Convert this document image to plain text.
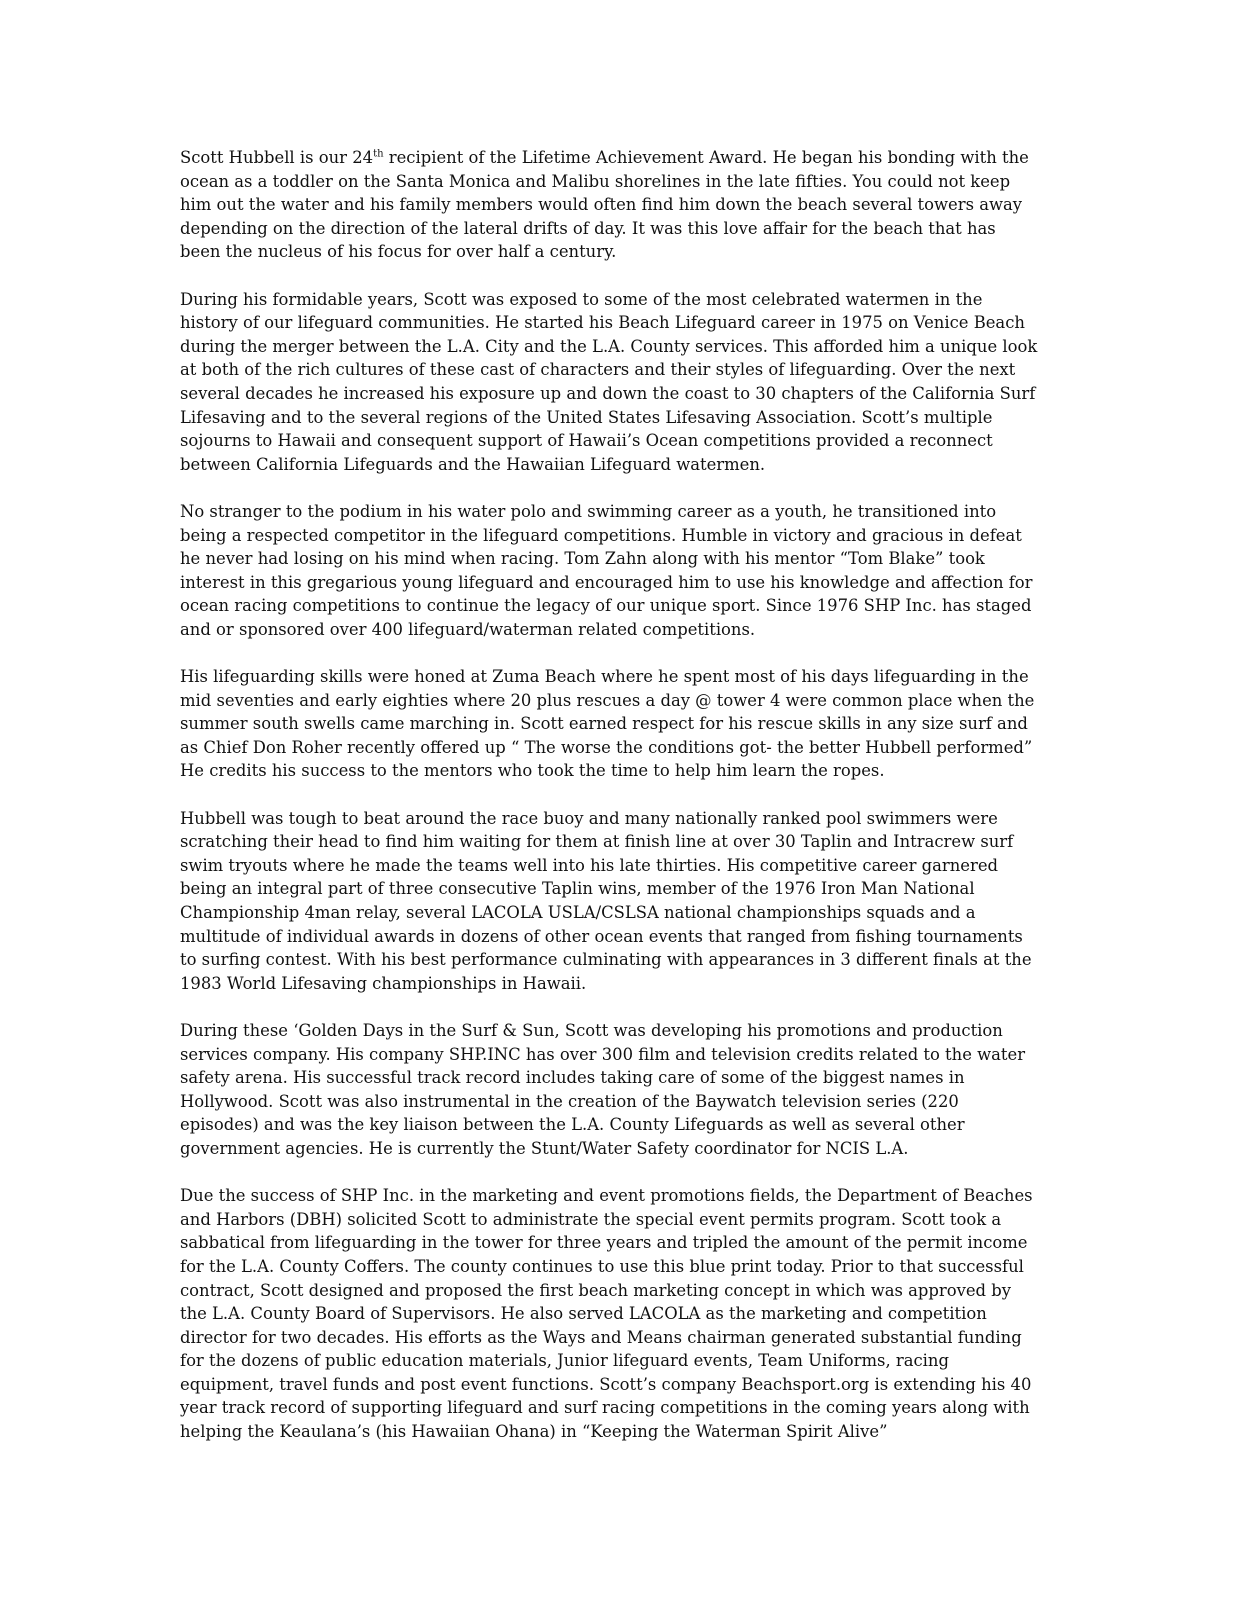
Scott Hubbell is our 24th recipient of the Lifetime Achievement Award. He began his bonding with the ocean as a toddler on the Santa Monica and Malibu shorelines in the late fifties. You could not keep him out the water and his family members would often find him down the beach several towers away depending on the direction of the lateral drifts of day. It was this love affair for the beach that has been the nucleus of his focus for over half a century.

During his formidable years, Scott was exposed to some of the most celebrated watermen in the history of our lifeguard communities. He started his Beach Lifeguard career in 1975 on Venice Beach during the merger between the L.A. City and the L.A. County services. This afforded him a unique look at both of the rich cultures of these cast of characters and their styles of lifeguarding. Over the next several decades he increased his exposure up and down the coast to 30 chapters of the California Surf Lifesaving and to the several regions of the United States Lifesaving Association. Scott’s multiple sojourns to Hawaii and consequent support of Hawaii’s Ocean competitions provided a reconnect between California Lifeguards and the Hawaiian Lifeguard watermen.

No stranger to the podium in his water polo and swimming career as a youth, he transitioned into being a respected competitor in the lifeguard competitions. Humble in victory and gracious in defeat he never had losing on his mind when racing. Tom Zahn along with his mentor “Tom Blake” took interest in this gregarious young lifeguard and encouraged him to use his knowledge and affection for ocean racing competitions to continue the legacy of our unique sport. Since 1976 SHP Inc. has staged and or sponsored over 400 lifeguard/waterman related competitions.

His lifeguarding skills were honed at Zuma Beach where he spent most of his days lifeguarding in the mid seventies and early eighties where 20 plus rescues a day @ tower 4 were common place when the summer south swells came marching in. Scott earned respect for his rescue skills in any size surf and as Chief Don Roher recently offered up “ The worse the conditions got- the better Hubbell performed” He credits his success to the mentors who took the time to help him learn the ropes.

Hubbell was tough to beat around the race buoy and many nationally ranked pool swimmers were scratching their head to find him waiting for them at finish line at over 30 Taplin and Intracrew surf swim tryouts where he made the teams well into his late thirties. His competitive career garnered being an integral part of three consecutive Taplin wins, member of the 1976 Iron Man National Championship 4man relay, several LACOLA USLA/CSLSA national championships squads and a multitude of individual awards in dozens of other ocean events that ranged from fishing tournaments to surfing contest. With his best performance culminating with appearances in 3 different finals at the 1983 World Lifesaving championships in Hawaii.

During these ‘Golden Days in the Surf & Sun, Scott was developing his promotions and production services company. His company SHP.INC has over 300 film and television credits related to the water safety arena. His successful track record includes taking care of some of the biggest names in Hollywood. Scott was also instrumental in the creation of the Baywatch television series (220 episodes) and was the key liaison between the L.A. County Lifeguards as well as several other government agencies. He is currently the Stunt/Water Safety coordinator for NCIS L.A.

Due the success of SHP Inc. in the marketing and event promotions fields, the Department of Beaches and Harbors (DBH) solicited Scott to administrate the special event permits program. Scott took a sabbatical from lifeguarding in the tower for three years and tripled the amount of the permit income for the L.A. County Coffers. The county continues to use this blue print today. Prior to that successful contract, Scott designed and proposed the first beach marketing concept in which was approved by the L.A. County Board of Supervisors. He also served LACOLA as the marketing and competition director for two decades. His efforts as the Ways and Means chairman generated substantial funding for the dozens of public education materials, Junior lifeguard events, Team Uniforms, racing equipment, travel funds and post event functions. Scott’s company Beachsport.org is extending his 40 year track record of supporting lifeguard and surf racing competitions in the coming years along with helping the Keaulana’s (his Hawaiian Ohana) in “Keeping the Waterman Spirit Alive”
